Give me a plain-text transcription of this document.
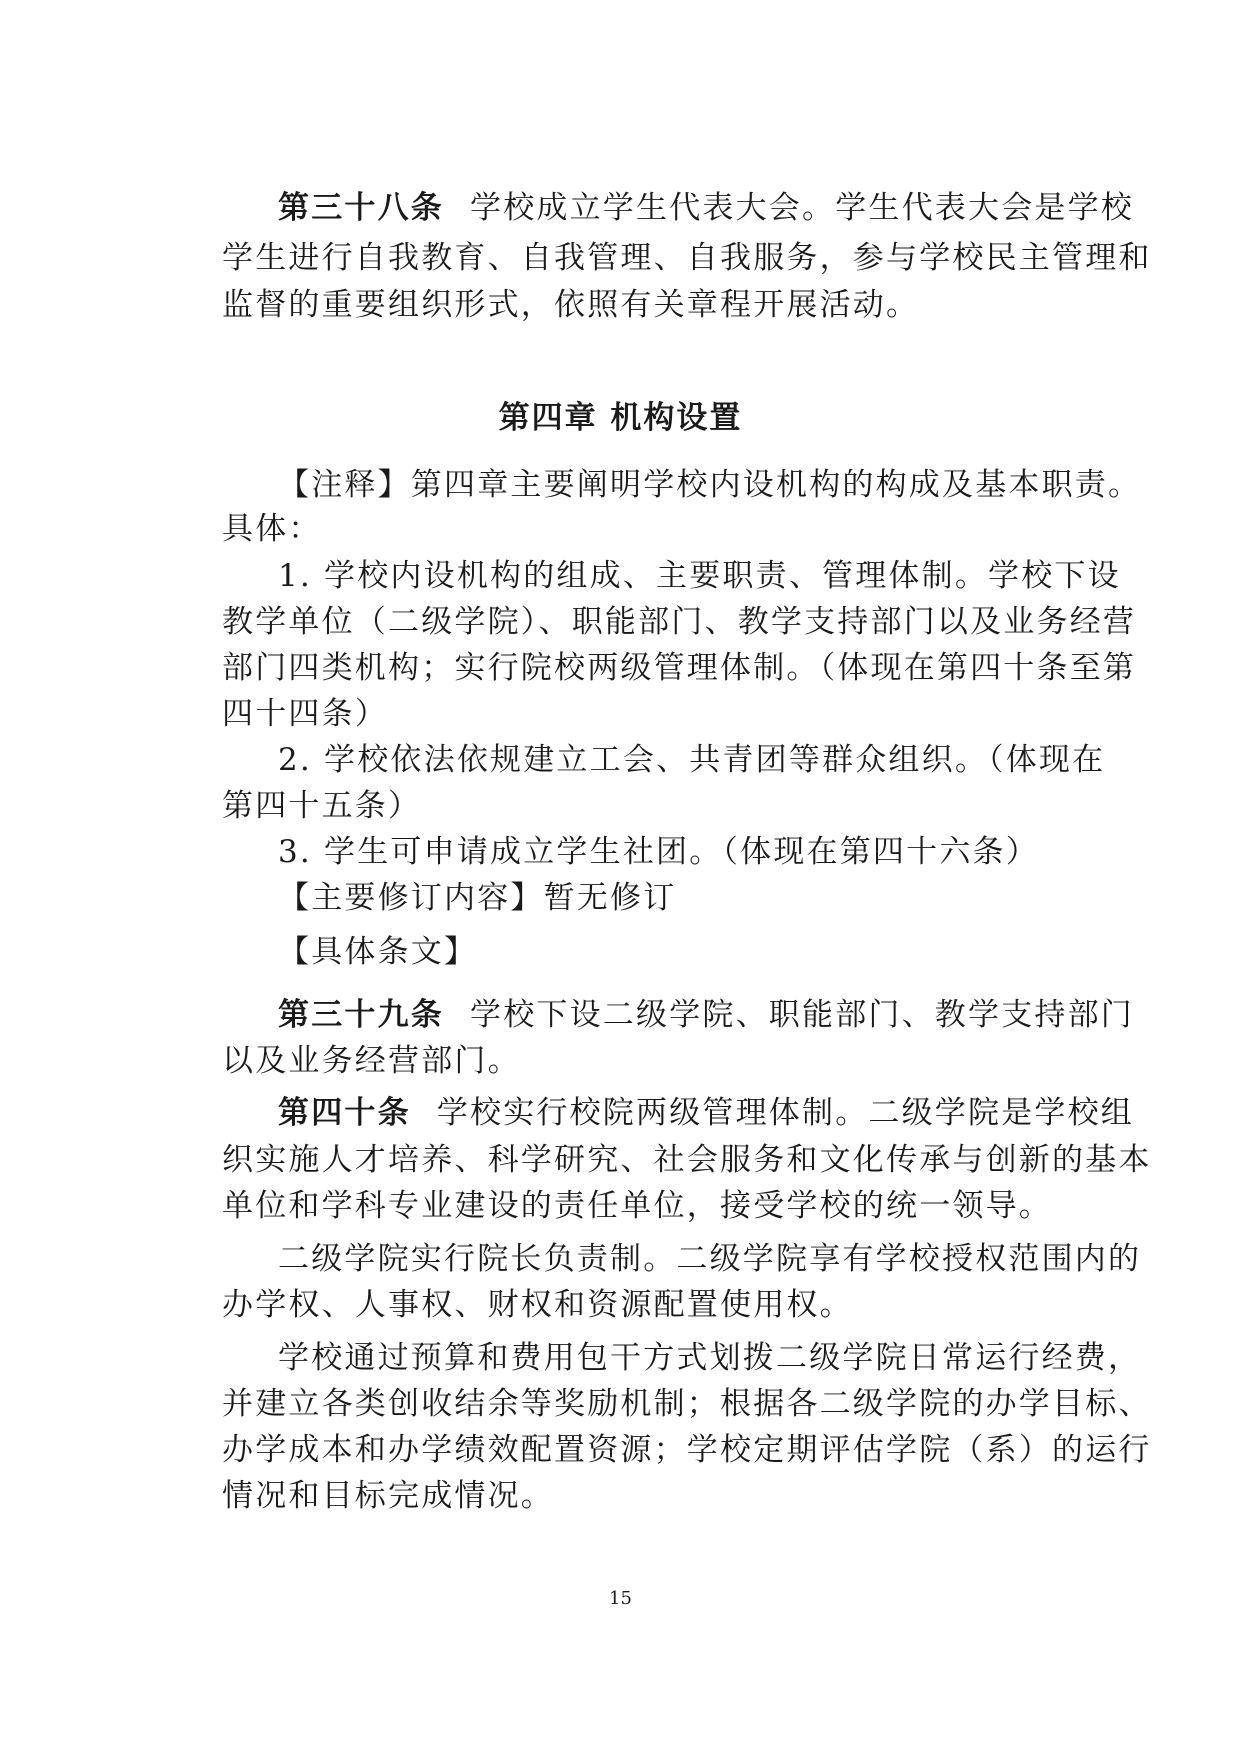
第三十八条 学校成立学生代表大会。学生代表大会是学校
学生进行自我教育、自我管理、自我服务，参与学校民主管理和
监督的重要组织形式，依照有关章程开展活动。
第四章 机构设置
【注释】第四章主要阐明学校内设机构的构成及基本职责。
具体：
1. 学校内设机构的组成、主要职责、管理体制。学校下设
教学单位（二级学院）、职能部门、教学支持部门以及业务经营
部门四类机构；实行院校两级管理体制。（体现在第四十条至第
四十四条）
2. 学校依法依规建立工会、共青团等群众组织。（体现在
第四十五条）
3. 学生可申请成立学生社团。（体现在第四十六条）
【主要修订内容】暂无修订
【具体条文】
第三十九条 学校下设二级学院、职能部门、教学支持部门
以及业务经营部门。
第四十条 学校实行校院两级管理体制。二级学院是学校组
织实施人才培养、科学研究、社会服务和文化传承与创新的基本
单位和学科专业建设的责任单位，接受学校的统一领导。
二级学院实行院长负责制。二级学院享有学校授权范围内的
办学权、人事权、财权和资源配置使用权。
学校通过预算和费用包干方式划拨二级学院日常运行经费，
并建立各类创收结余等奖励机制；根据各二级学院的办学目标、
办学成本和办学绩效配置资源；学校定期评估学院（系）的运行
情况和目标完成情况。
15
